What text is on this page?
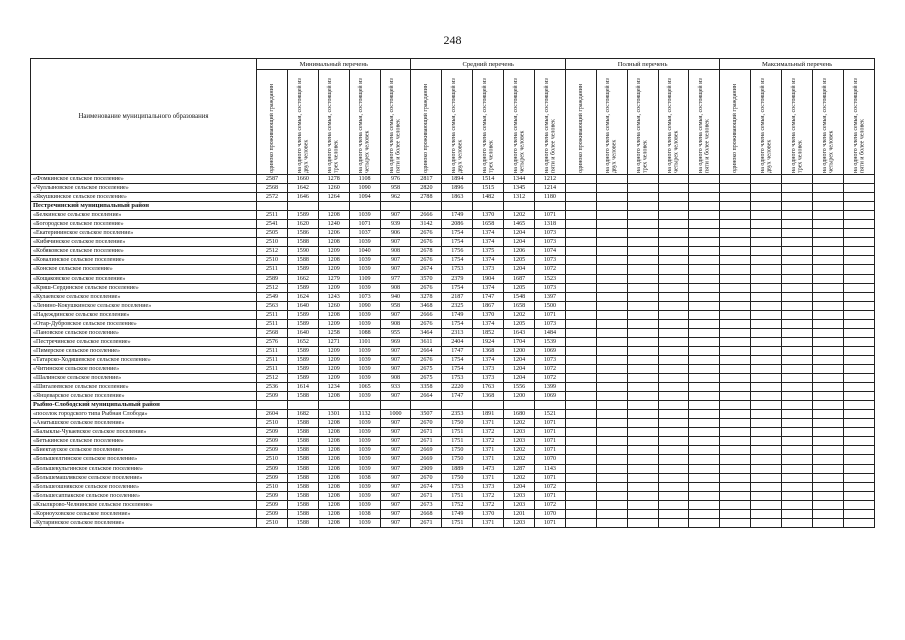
248
Наименование муниципального образования	Минимальный перечень					Средний перечень					Полный перечень					Максимальный перечень				

	одиноко проживающий гражданин	на одного члена семьи, состоящей из двух человек	на одного члена семьи, состоящей из трех человек	на одного члена семьи, состоящей из четырех человек	на одного члена семьи, состоящей из пяти и более человек	одиноко проживающий гражданин	на одного члена семьи, состоящей из двух человек	на одного члена семьи, состоящей из трех человек	на одного члена семьи, состоящей из четырех человек	на одного члена семьи, состоящей из пяти и более человек	одиноко проживающий гражданин	на одного члена семьи, состоящей из двух человек	на одного члена семьи, состоящей из трех человек	на одного члена семьи, состоящей из четырех человек	на одного члена семьи, состоящей из пяти и более человек	одиноко проживающий гражданин	на одного члена семьи, состоящей из двух человек	на одного члена семьи, состоящей из трех человек	на одного члена семьи, состоящей из четырех человек	на одного члена семьи, состоящей из пяти и более человек

«Фомкинское сельское поселение»	2587	1660	1278	1108	976	2817	1894	1514	1344	1212										
«Чуллыновское сельское поселение»	2568	1642	1260	1090	958	2820	1896	1515	1345	1214										
«Якушкинское сельское поселение»	2572	1646	1264	1094	962	2788	1863	1482	1312	1180										
Пестречинский муниципальный район																				
«Белкинское сельское поселение»	2511	1589	1208	1039	907	2666	1749	1370	1202	1071										
«Богородское сельское поселение»	2541	1620	1240	1071	939	3142	2086	1658	1465	1318										
«Екатерининское сельское поселение»	2505	1586	1206	1037	906	2676	1754	1374	1204	1073										
«Кибячинское сельское поселение»	2510	1588	1208	1039	907	2676	1754	1374	1204	1073										
«Кобяковское сельское поселение»	2512	1590	1209	1040	908	2678	1756	1375	1206	1074										
«Ковалинское сельское поселение»	2510	1588	1208	1039	907	2676	1754	1374	1205	1073										
«Конское сельское поселение»	2511	1589	1209	1039	907	2674	1753	1373	1204	1072										
«Кощаковское сельское поселение»	2589	1662	1279	1109	977	3570	2379	1904	1687	1523										
«Кряш-Сердинское сельское поселение»	2512	1589	1209	1039	908	2676	1754	1374	1205	1073										
«Кулаевское сельское поселение»	2549	1624	1243	1073	940	3278	2187	1747	1548	1397										
«Ленино-Кокушкинское сельское поселение»	2563	1640	1260	1090	958	3468	2325	1867	1658	1500										
«Надеждинское сельское поселение»	2511	1589	1208	1039	907	2666	1749	1370	1202	1071										
«Отар-Дубровское сельское поселение»	2511	1589	1209	1039	908	2676	1754	1374	1205	1073										
«Пановское сельское поселение»	2568	1640	1258	1088	955	3464	2313	1852	1643	1484										
«Пестречинское сельское поселение»	2576	1652	1271	1101	969	3611	2404	1924	1704	1539										
«Пимерское сельское поселение»	2511	1589	1209	1039	907	2664	1747	1368	1200	1069										
«Татарско-Ходяшевское сельское поселение»	2511	1589	1209	1039	907	2676	1754	1374	1204	1073										
«Читинское сельское поселение»	2511	1589	1209	1039	907	2675	1754	1373	1204	1072										
«Шалинское сельское поселение»	2512	1589	1209	1039	908	2675	1753	1373	1204	1072										
«Шигалеевское сельское поселение»	2536	1614	1234	1065	933	3358	2220	1763	1556	1399										
«Янцеварское сельское поселение»	2509	1588	1208	1039	907	2664	1747	1368	1200	1069										
Рыбно-Слободский муниципальный район																				
«поселок городского типа Рыбная Слобода»	2604	1682	1301	1132	1000	3507	2353	1891	1680	1521										
«Анатышское сельское поселение»	2510	1588	1208	1039	907	2670	1750	1371	1202	1071										
«Балыклы-Чукаевское сельское поселение»	2509	1588	1208	1039	907	2671	1751	1372	1203	1071										
«Бетькинское сельское поселение»	2509	1588	1208	1039	907	2671	1751	1372	1203	1071										
«Биектауское сельское поселение»	2509	1588	1208	1039	907	2669	1750	1371	1202	1071										
«Большеелгинское сельское поселение»	2510	1588	1208	1039	907	2669	1750	1371	1202	1070										
«Большекульгинское сельское поселение»	2509	1588	1208	1039	907	2909	1889	1473	1287	1143										
«Большемашлякское сельское поселение»	2509	1588	1208	1038	907	2670	1750	1371	1202	1071										
«Большеошнякское сельское поселение»	2510	1588	1208	1039	907	2674	1753	1373	1204	1072										
«Большесаппакское сельское поселение»	2509	1588	1208	1039	907	2671	1751	1372	1203	1071										
«Кзылкрово-Челнинское сельское поселение»	2509	1588	1208	1039	907	2673	1752	1372	1203	1072										
«Корноуховское сельское поселение»	2509	1588	1208	1038	907	2668	1749	1370	1201	1070										
«Кутаринское сельское поселение»	2510	1588	1208	1039	907	2671	1751	1371	1203	1071										
